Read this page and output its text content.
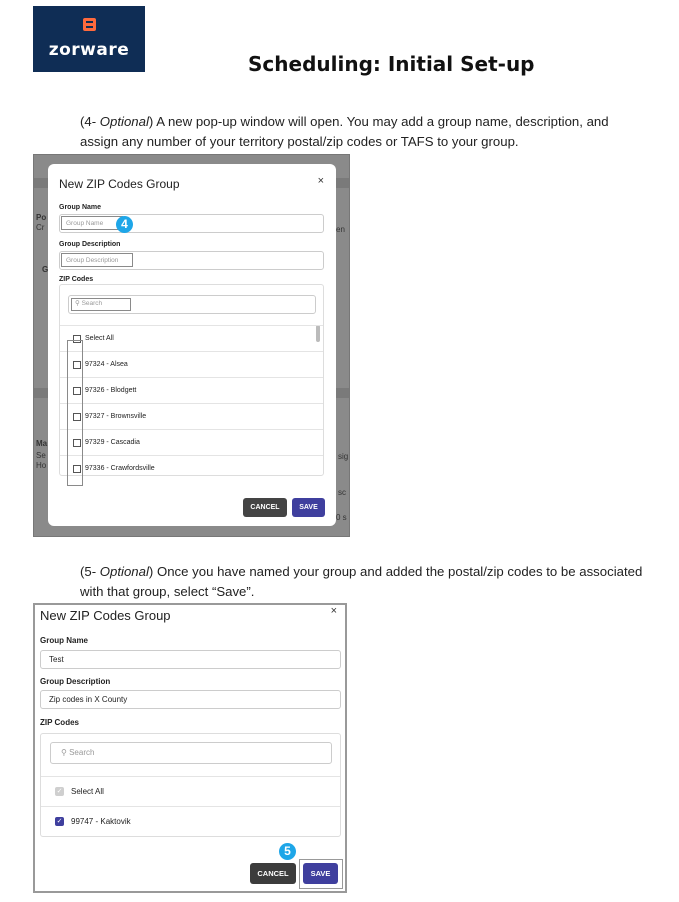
zorware
Scheduling: Initial Set-up
(4- Optional) A new pop-up window will open. You may add a group name, description, and assign any number of your territory postal/zip codes or TAFS to your group.
Po
Cr
G
Ma
Se
Ho
en
sig
sc
0 s
New ZIP Codes Group	×
Group Name
Group Name	4
Group Description
Group Description
ZIP Codes
⚲ Search
Select All
97324 - Alsea
97326 - Blodgett
97327 - Brownsville
97329 - Cascadia
97336 - Crawfordsville
CANCEL	SAVE
(5- Optional) Once you have named your group and added the postal/zip codes to be associated with that group, select “Save”.
New ZIP Codes Group	×
Group Name
Test
Group Description
Zip codes in X County
ZIP Codes
⚲ Search
✓ Select All
✓ 99747 - Kaktovik
5
CANCEL	SAVE
